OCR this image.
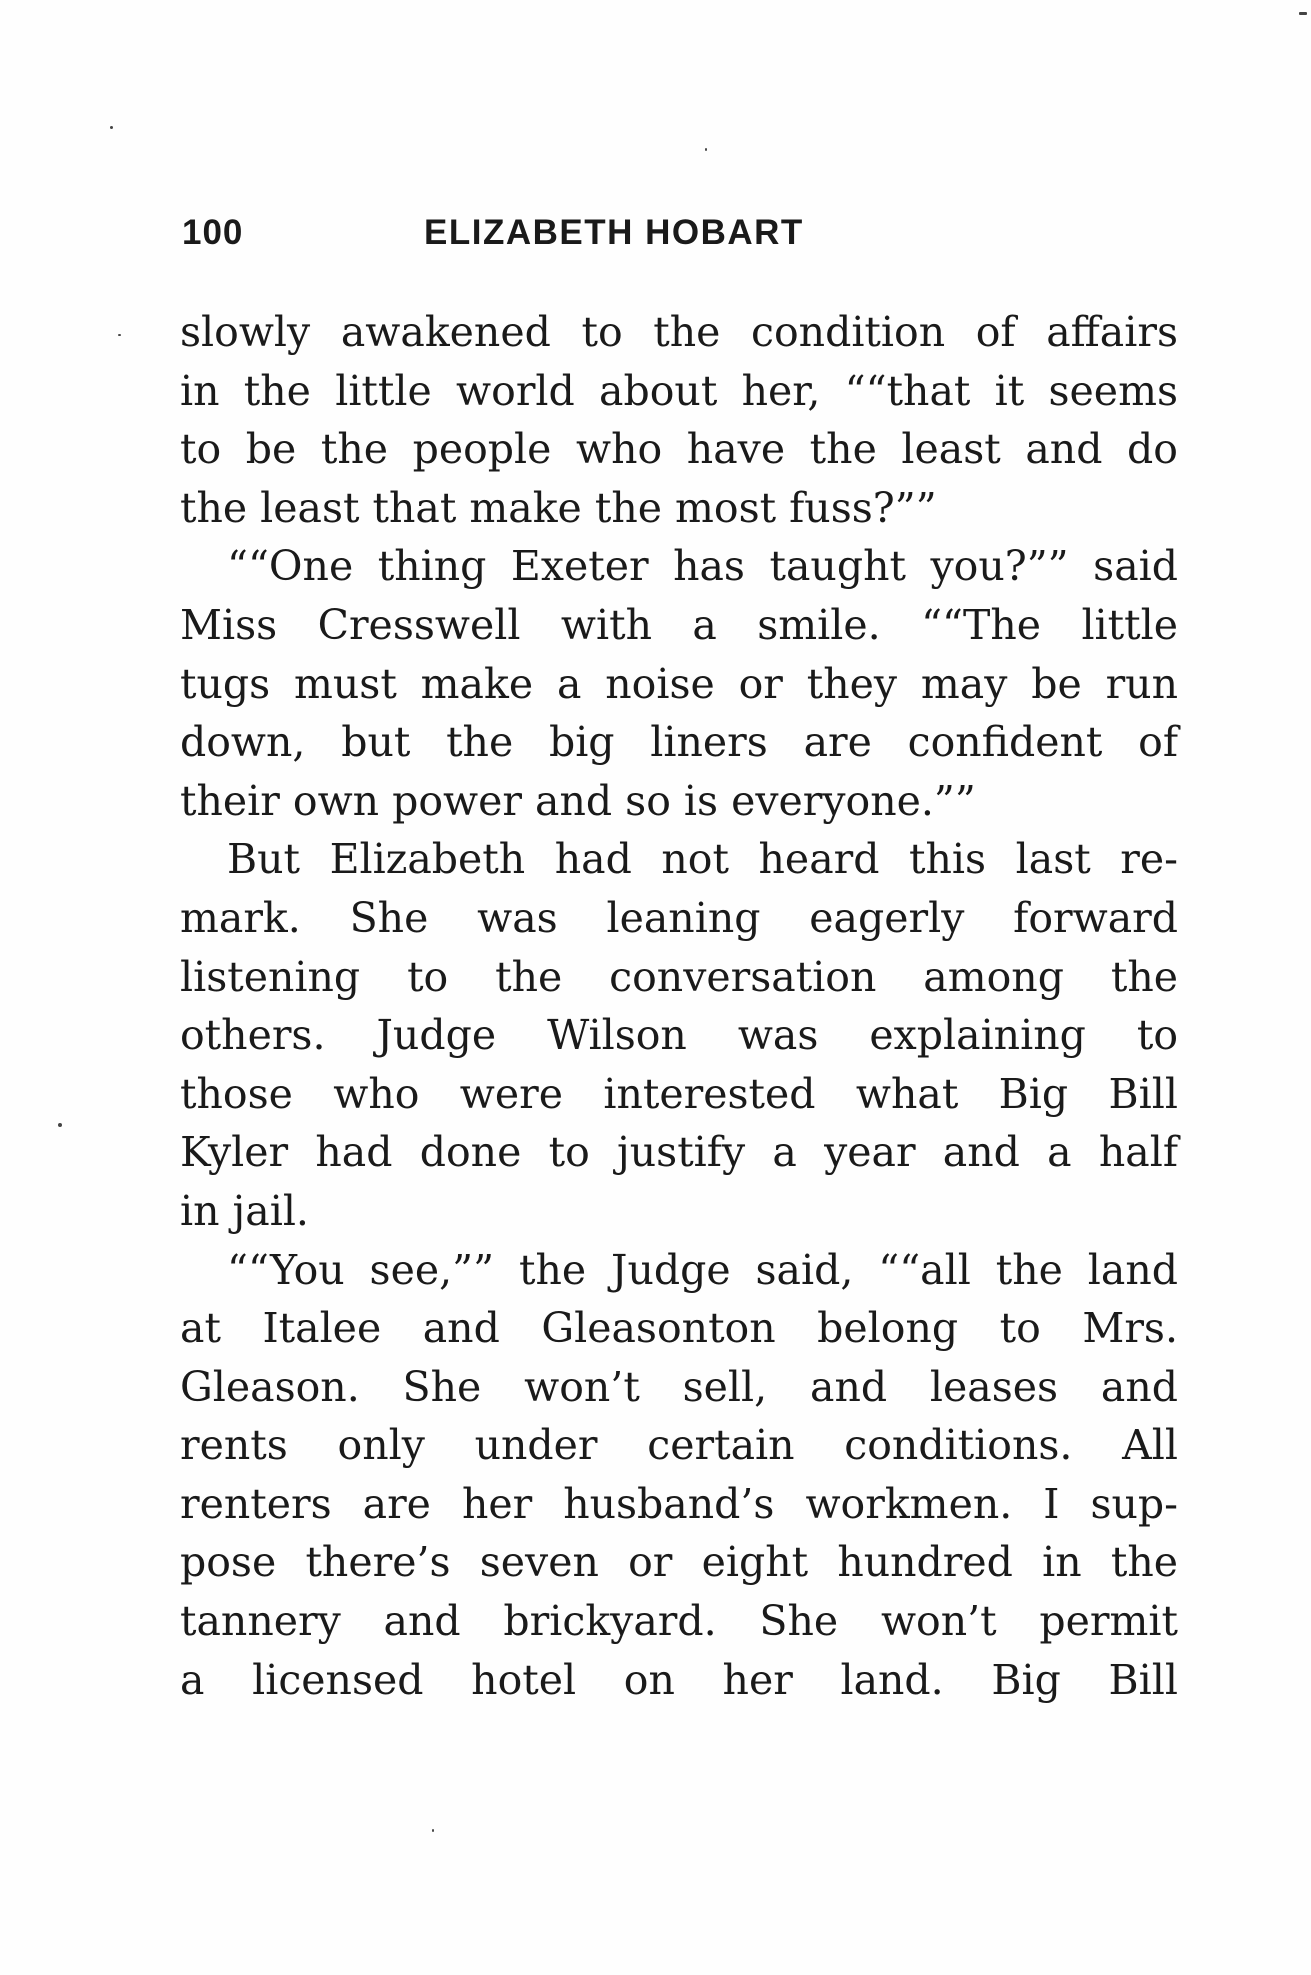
100	ELIZABETH HOBART
slowly awakened to the condition of affairs
in the little world about her, ““that it seems
to be the people who have the least and do
the least that make the most fuss?””
““One thing Exeter has taught you?”” said
Miss Cresswell with a smile. ““The little
tugs must make a noise or they may be run
down, but the big liners are confident of
their own power and so is everyone.””
But Elizabeth had not heard this last re-
mark. She was leaning eagerly forward
listening to the conversation among the
others. Judge Wilson was explaining to
those who were interested what Big Bill
Kyler had done to justify a year and a half
in jail.
““You see,”” the Judge said, ““all the land
at Italee and Gleasonton belong to Mrs.
Gleason. She won’t sell, and leases and
rents only under certain conditions. All
renters are her husband’s workmen. I sup-
pose there’s seven or eight hundred in the
tannery and brickyard. She won’t permit
a licensed hotel on her land. Big Bill
